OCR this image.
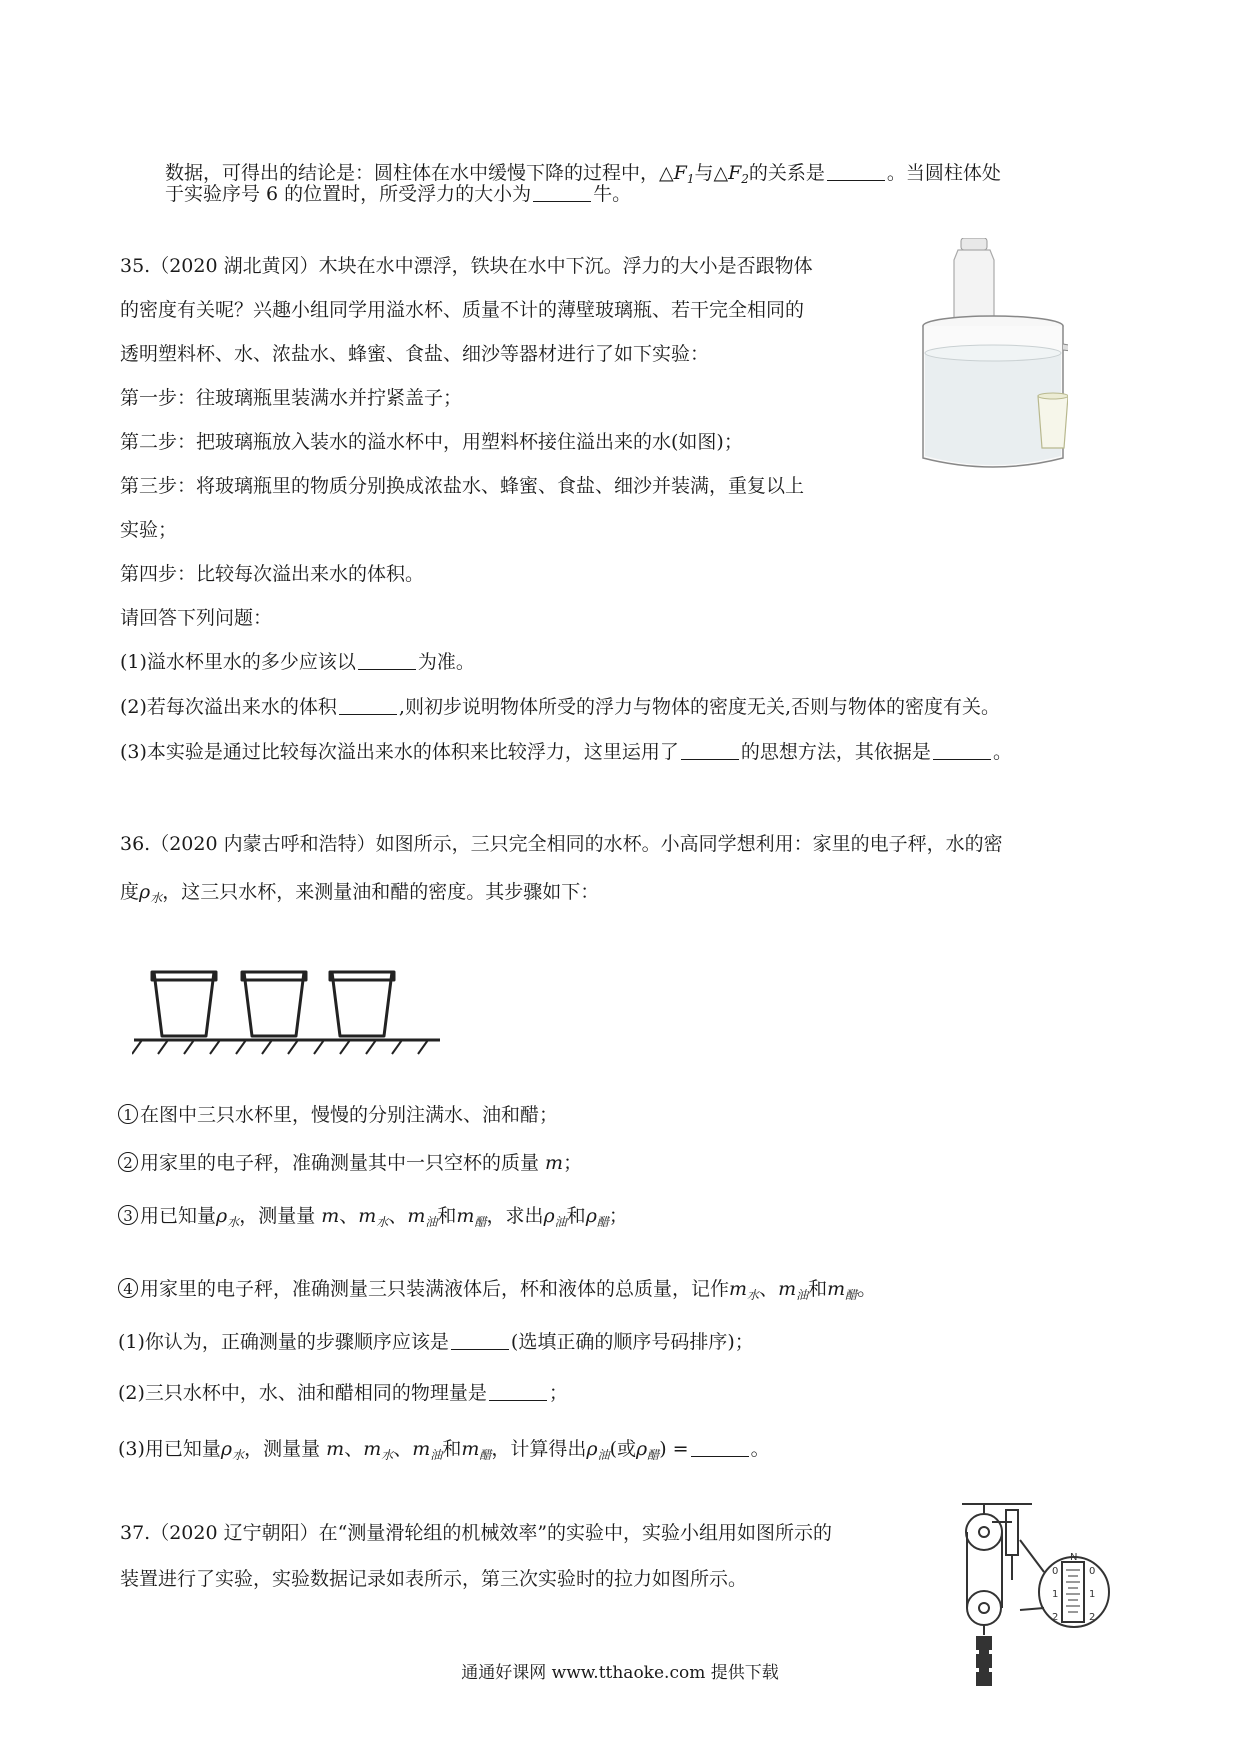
数据，可得出的结论是：圆柱体在水中缓慢下降的过程中，$\triangle F_1$与$\triangle F_2$的关系是	。当圆柱体处
于实验序号 6 的位置时，所受浮力的大小为	牛。
35.（2020 湖北黄冈）木块在水中漂浮，铁块在水中下沉。浮力的大小是否跟物体
的密度有关呢？兴趣小组同学用溢水杯、质量不计的薄壁玻璃瓶、若干完全相同的
透明塑料杯、水、浓盐水、蜂蜜、食盐、细沙等器材进行了如下实验：
第一步：往玻璃瓶里装满水并拧紧盖子；
第二步：把玻璃瓶放入装水的溢水杯中，用塑料杯接住溢出来的水(如图)；
第三步：将玻璃瓶里的物质分别换成浓盐水、蜂蜜、食盐、细沙并装满，重复以上
实验；
第四步：比较每次溢出来水的体积。
请回答下列问题：
(1)溢水杯里水的多少应该以	为准。
(2)若每次溢出来水的体积	,则初步说明物体所受的浮力与物体的密度无关,否则与物体的密度有关。
(3)本实验是通过比较每次溢出来水的体积来比较浮力，这里运用了	的思想方法，其依据是	。
36.（2020 内蒙古呼和浩特）如图所示，三只完全相同的水杯。小高同学想利用：家里的电子秤，水的密
度$\rho_水$，这三只水杯，来测量油和醋的密度。其步骤如下：
1 在图中三只水杯里，慢慢的分别注满水、油和醋；
2 用家里的电子秤，准确测量其中一只空杯的质量 m；
3 用已知量$\rho_水$，测量量 m、$m_水$、$m_油$和$m_醋$，求出$\rho_油$和$\rho_醋$；
4 用家里的电子秤，准确测量三只装满液体后，杯和液体的总质量，记作$m_水$、$m_油$和$m_醋$。
(1)你认为，正确测量的步骤顺序应该是	(选填正确的顺序号码排序)；
(2)三只水杯中，水、油和醋相同的物理量是	；
(3)用已知量$\rho_水$，测量量 m、$m_水$、$m_油$和$m_醋$，计算得出$\rho_油$(或$\rho_醋$) =	。
37.（2020 辽宁朝阳）在“测量滑轮组的机械效率”的实验中，实验小组用如图所示的
装置进行了实验，实验数据记录如表所示，第三次实验时的拉力如图所示。
N
0	0
1	1
2	2
通通好课网 www.tthaoke.com 提供下载
